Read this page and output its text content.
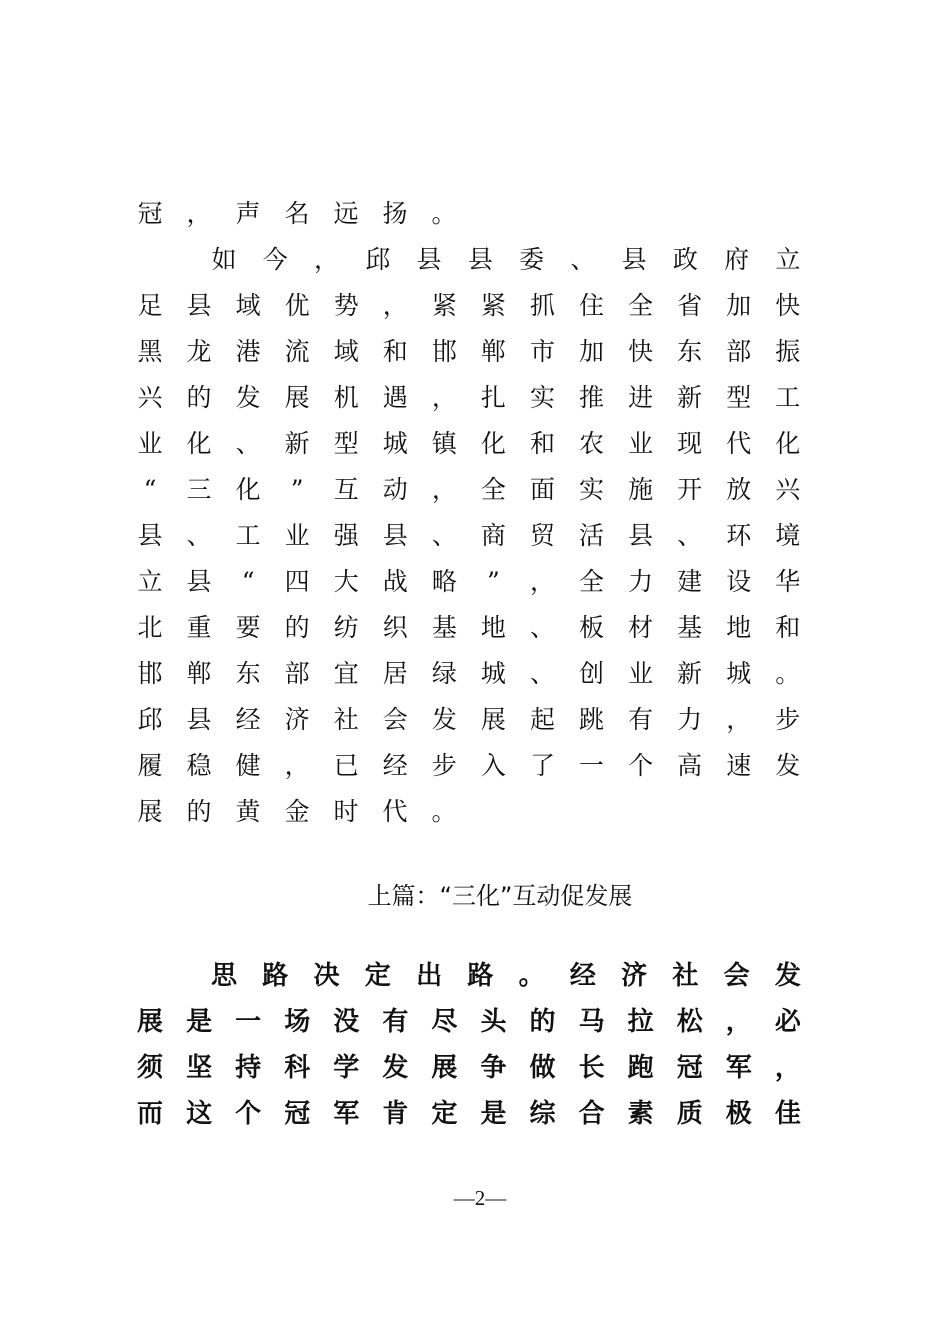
冠 ， 声 名 远 扬 。
如 今 ， 邱 县 县 委 、 县 政 府 立
足 县 域 优 势 ， 紧 紧 抓 住 全 省 加 快
黑 龙 港 流 域 和 邯 郸 市 加 快 东 部 振
兴 的 发 展 机 遇 ， 扎 实 推 进 新 型 工
业 化 、 新 型 城 镇 化 和 农 业 现 代 化
“ 三 化 ” 互 动 ， 全 面 实 施 开 放 兴
县 、 工 业 强 县 、 商 贸 活 县 、 环 境
立 县 “ 四 大 战 略 ” ， 全 力 建 设 华
北 重 要 的 纺 织 基 地 、 板 材 基 地 和
邯 郸 东 部 宜 居 绿 城 、 创 业 新 城 。
邱 县 经 济 社 会 发 展 起 跳 有 力 ， 步
履 稳 健 ， 已 经 步 入 了 一 个 高 速 发
展 的 黄 金 时 代 。
上篇：“三化”互动促发展
思 路 决 定 出 路 。 经 济 社 会 发
展 是 一 场 没 有 尽 头 的 马 拉 松 ， 必
须 坚 持 科 学 发 展 争 做 长 跑 冠 军 ，
而 这 个 冠 军 肯 定 是 综 合 素 质 极 佳
—2—
